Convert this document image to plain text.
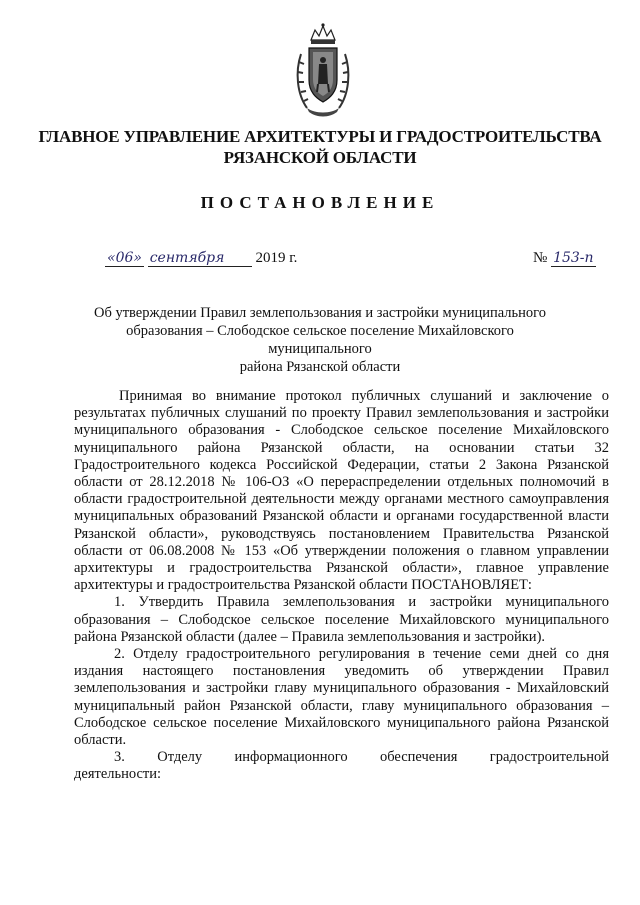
ГЛАВНОЕ УПРАВЛЕНИЕ АРХИТЕКТУРЫ И ГРАДОСТРОИТЕЛЬСТВА
РЯЗАНСКОЙ ОБЛАСТИ
ПОСТАНОВЛЕНИЕ
«06» сентября 2019 г.	№ 153-п
Об утверждении Правил землепользования и застройки муниципального
образования – Слободское сельское поселение Михайловского муниципального
района Рязанской области

Принимая во внимание протокол публичных слушаний и заключение о результатах публичных слушаний по проекту Правил землепользования и застройки муниципального образования - Слободское сельское поселение Михайловского муниципального района Рязанской области, на основании статьи 32 Градостроительного кодекса Российской Федерации, статьи 2 Закона Рязанской области от 28.12.2018 № 106-ОЗ «О перераспределении отдельных полномочий в области градостроительной деятельности между органами местного самоуправления муниципальных образований Рязанской области и органами государственной власти Рязанской области», руководствуясь постановлением Правительства Рязанской области от 06.08.2008 № 153 «Об утверждении положения о главном управлении архитектуры и градостроительства Рязанской области», главное управление архитектуры и градостроительства Рязанской области ПОСТАНОВЛЯЕТ:

1. Утвердить Правила землепользования и застройки муниципального образования – Слободское сельское поселение Михайловского муниципального района Рязанской области (далее – Правила землепользования и застройки).

2. Отделу градостроительного регулирования в течение семи дней со дня издания настоящего постановления уведомить об утверждении Правил землепользования и застройки главу муниципального образования - Михайловский муниципальный район Рязанской области, главу муниципального образования – Слободское сельское поселение Михайловского муниципального района Рязанской области.

3. Отделу информационного обеспечения градостроительной

деятельности:
